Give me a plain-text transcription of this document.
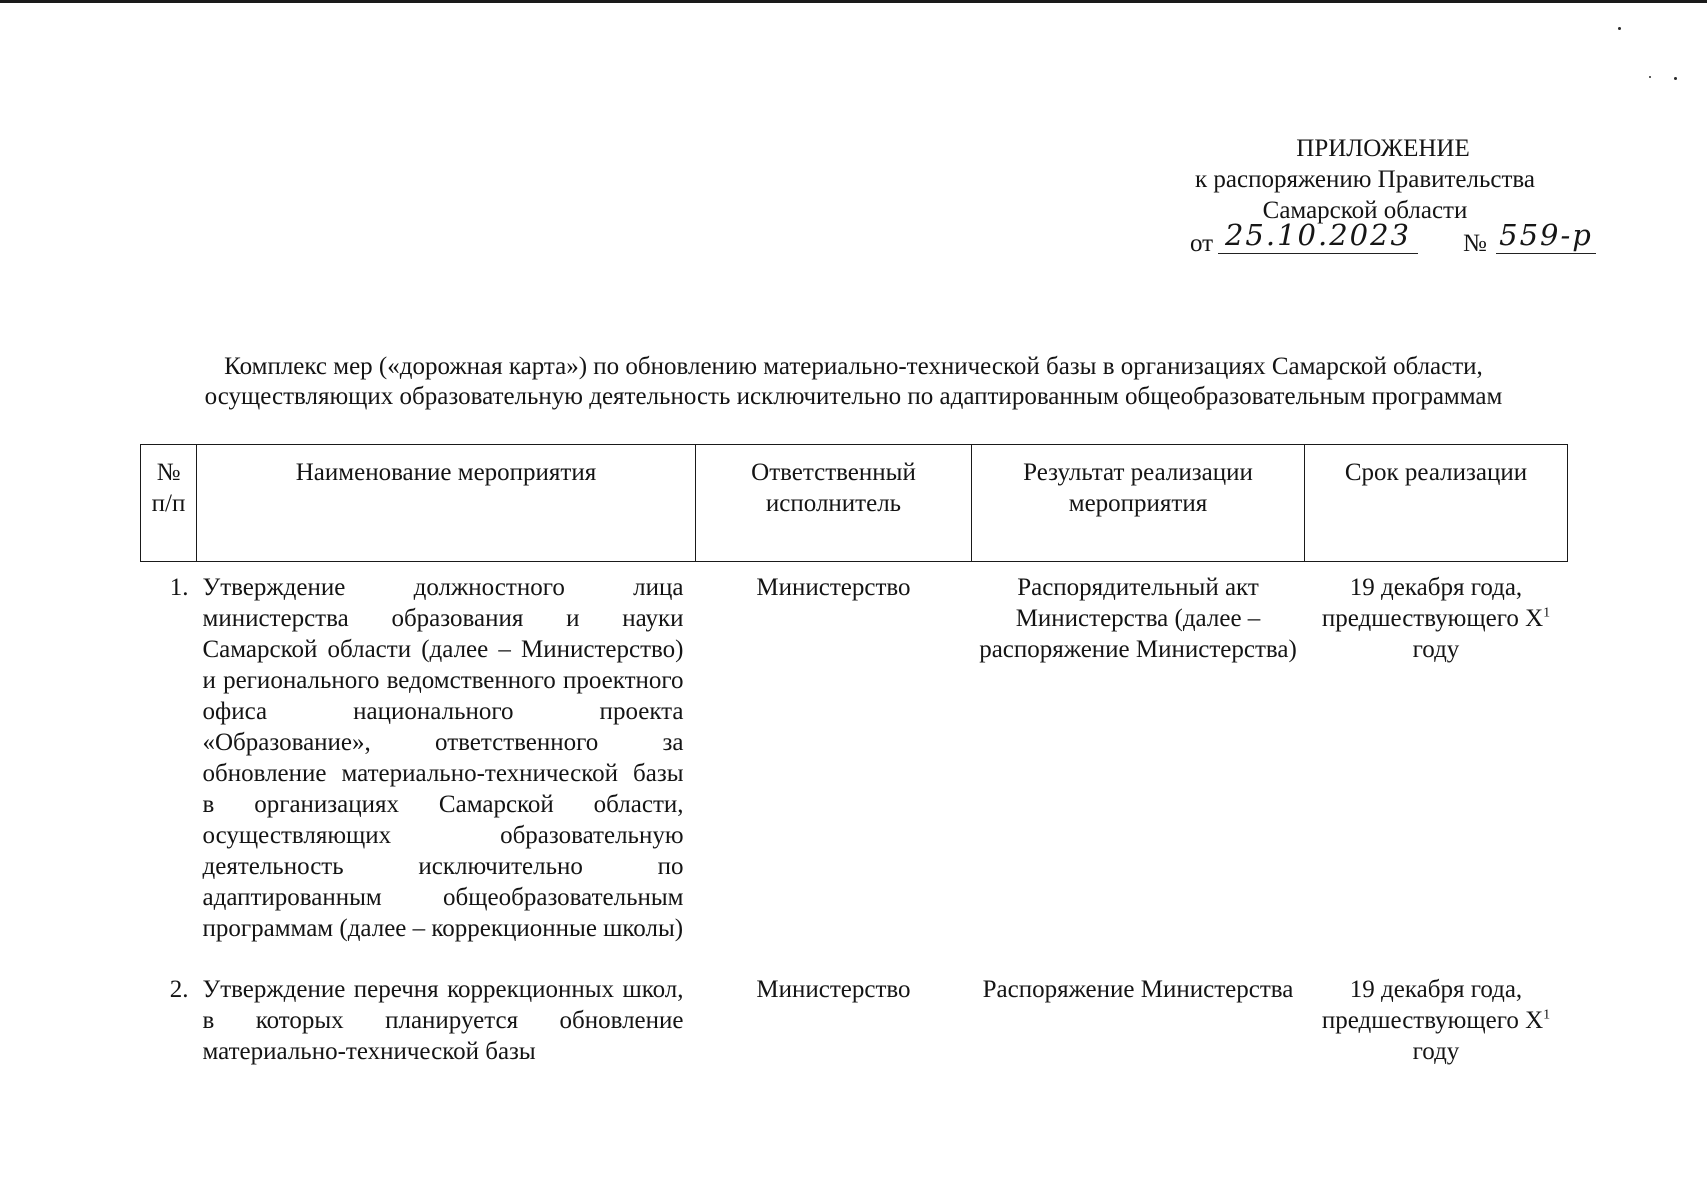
ПРИЛОЖЕНИЕ
к распоряжению Правительства
Самарской области
от 25.10.2023 № 559-р
Комплекс мер («дорожная карта») по обновлению материально-технической базы в организациях Самарской области,
осуществляющих образовательную деятельность исключительно по адаптированным общеобразовательным программам
№ п/п	Наименование мероприятия	Ответственный исполнитель	Результат реализации мероприятия	Срок реализации
1.	Утверждение должностного лица министерства образования и науки Самарской области (далее – Министерство) и регионального ведомственного проектного офиса национального проекта «Образование», ответственного за обновление материально-технической базы в организациях Самарской области, осуществляющих образовательную деятельность исключительно по адаптированным общеобразовательным программам (далее – коррекционные школы)	Министерство	Распорядительный акт Министерства (далее – распоряжение Министерства)	19 декабря года, предшествующего $X^1$ году
2.	Утверждение перечня коррекционных школ, в которых планируется обновление материально-технической базы	Министерство	Распоряжение Министерства	19 декабря года, предшествующего $X^1$ году
